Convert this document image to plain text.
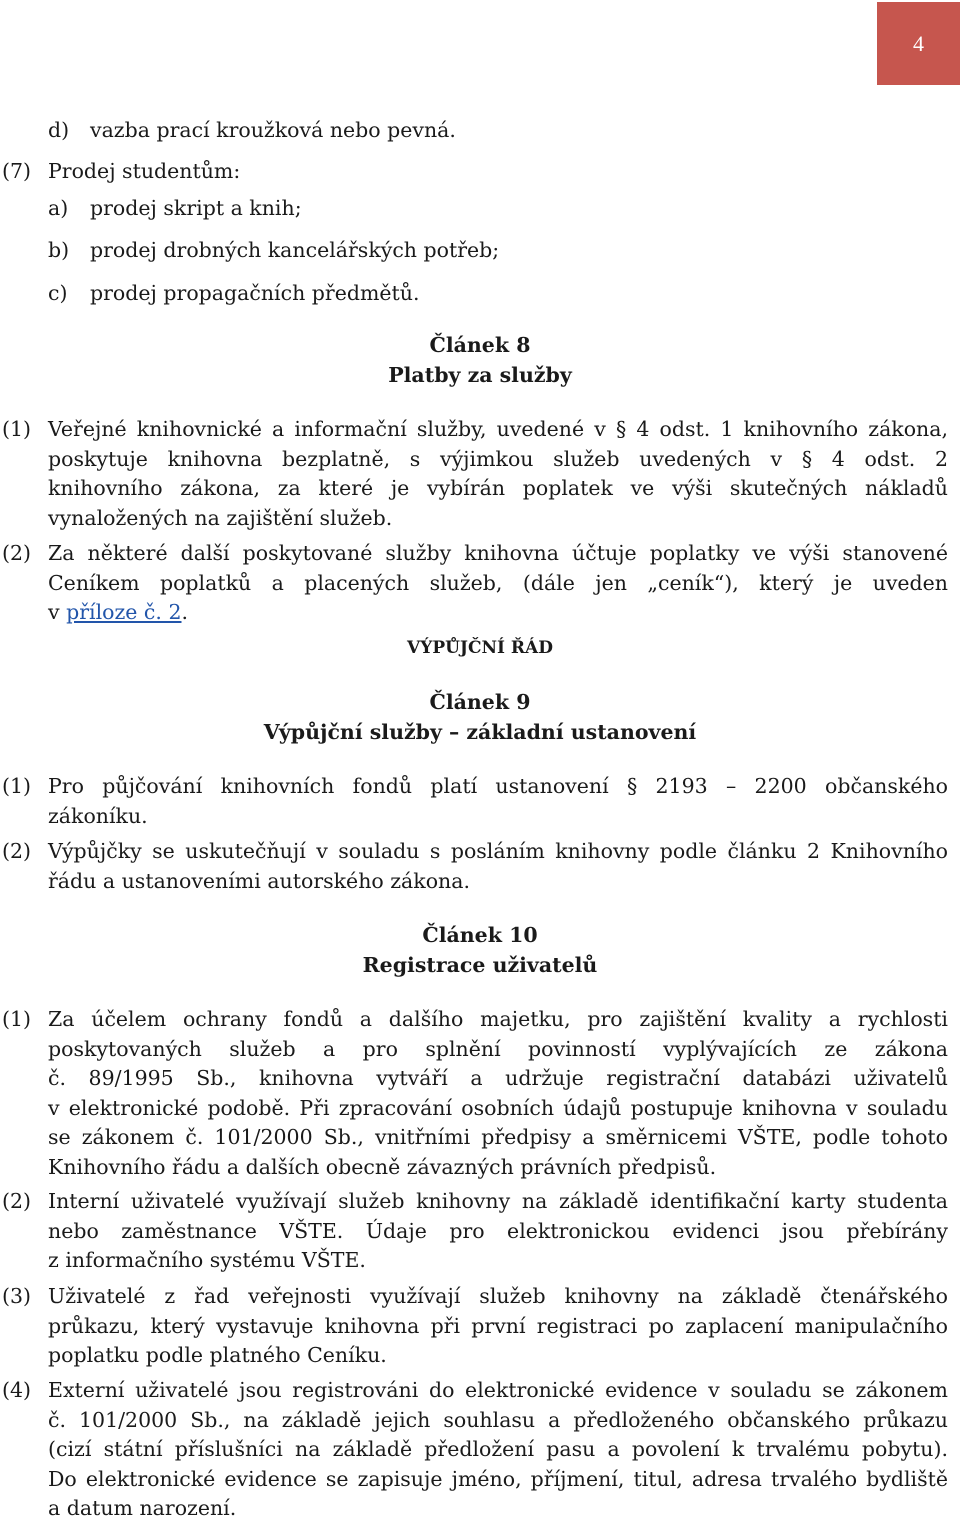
4
d) vazba prací kroužková nebo pevná.
(7) Prodej studentům:
a) prodej skript a knih;
b) prodej drobných kancelářských potřeb;
c) prodej propagačních předmětů.
Článek 8
Platby za služby
(1) Veřejné knihovnické a informační služby, uvedené v § 4 odst. 1 knihovního zákona,
poskytuje knihovna bezplatně, s výjimkou služeb uvedených v § 4 odst. 2
knihovního zákona, za které je vybírán poplatek ve výši skutečných nákladů
vynaložených na zajištění služeb.
(2) Za některé další poskytované služby knihovna účtuje poplatky ve výši stanovené
Ceníkem poplatků a placených služeb, (dále jen „ceník“), který je uveden
v příloze č. 2.
VÝPŮJČNÍ ŘÁD
Článek 9
Výpůjční služby – základní ustanovení
(1) Pro půjčování knihovních fondů platí ustanovení § 2193 – 2200 občanského
zákoníku.
(2) Výpůjčky se uskutečňují v souladu s posláním knihovny podle článku 2 Knihovního
řádu a ustanoveními autorského zákona.
Článek 10
Registrace uživatelů
(1) Za účelem ochrany fondů a dalšího majetku, pro zajištění kvality a rychlosti
poskytovaných služeb a pro splnění povinností vyplývajících ze zákona
č. 89/1995 Sb., knihovna vytváří a udržuje registrační databázi uživatelů
v elektronické podobě. Při zpracování osobních údajů postupuje knihovna v souladu
se zákonem č. 101/2000 Sb., vnitřními předpisy a směrnicemi VŠTE, podle tohoto
Knihovního řádu a dalších obecně závazných právních předpisů.
(2) Interní uživatelé využívají služeb knihovny na základě identifikační karty studenta
nebo zaměstnance VŠTE. Údaje pro elektronickou evidenci jsou přebírány
z informačního systému VŠTE.
(3) Uživatelé z řad veřejnosti využívají služeb knihovny na základě čtenářského
průkazu, který vystavuje knihovna při první registraci po zaplacení manipulačního
poplatku podle platného Ceníku.
(4) Externí uživatelé jsou registrováni do elektronické evidence v souladu se zákonem
č. 101/2000 Sb., na základě jejich souhlasu a předloženého občanského průkazu
(cizí státní příslušníci na základě předložení pasu a povolení k trvalému pobytu).
Do elektronické evidence se zapisuje jméno, příjmení, titul, adresa trvalého bydliště
a datum narození.
